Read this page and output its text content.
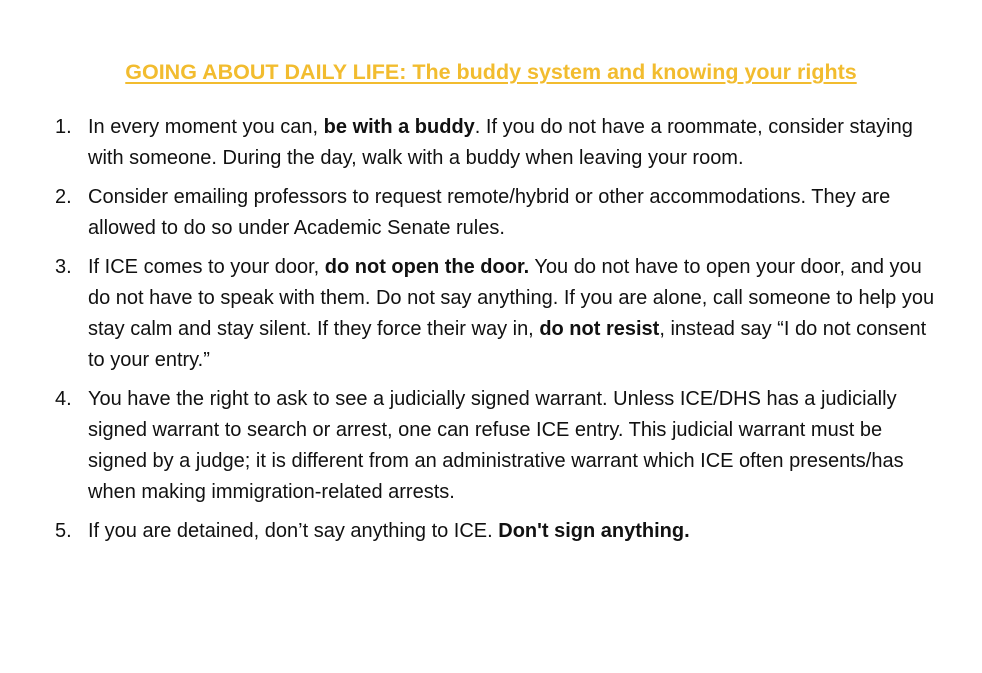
GOING ABOUT DAILY LIFE: The buddy system and knowing your rights
1. In every moment you can, be with a buddy. If you do not have a roommate, consider staying with someone. During the day, walk with a buddy when leaving your room.
2. Consider emailing professors to request remote/hybrid or other accommodations. They are allowed to do so under Academic Senate rules.
3. If ICE comes to your door, do not open the door. You do not have to open your door, and you do not have to speak with them. Do not say anything. If you are alone, call someone to help you stay calm and stay silent. If they force their way in, do not resist, instead say “I do not consent to your entry.”
4. You have the right to ask to see a judicially signed warrant. Unless ICE/DHS has a judicially signed warrant to search or arrest, one can refuse ICE entry. This judicial warrant must be signed by a judge; it is different from an administrative warrant which ICE often presents/has when making immigration-related arrests.
5. If you are detained, don’t say anything to ICE. Don't sign anything.
